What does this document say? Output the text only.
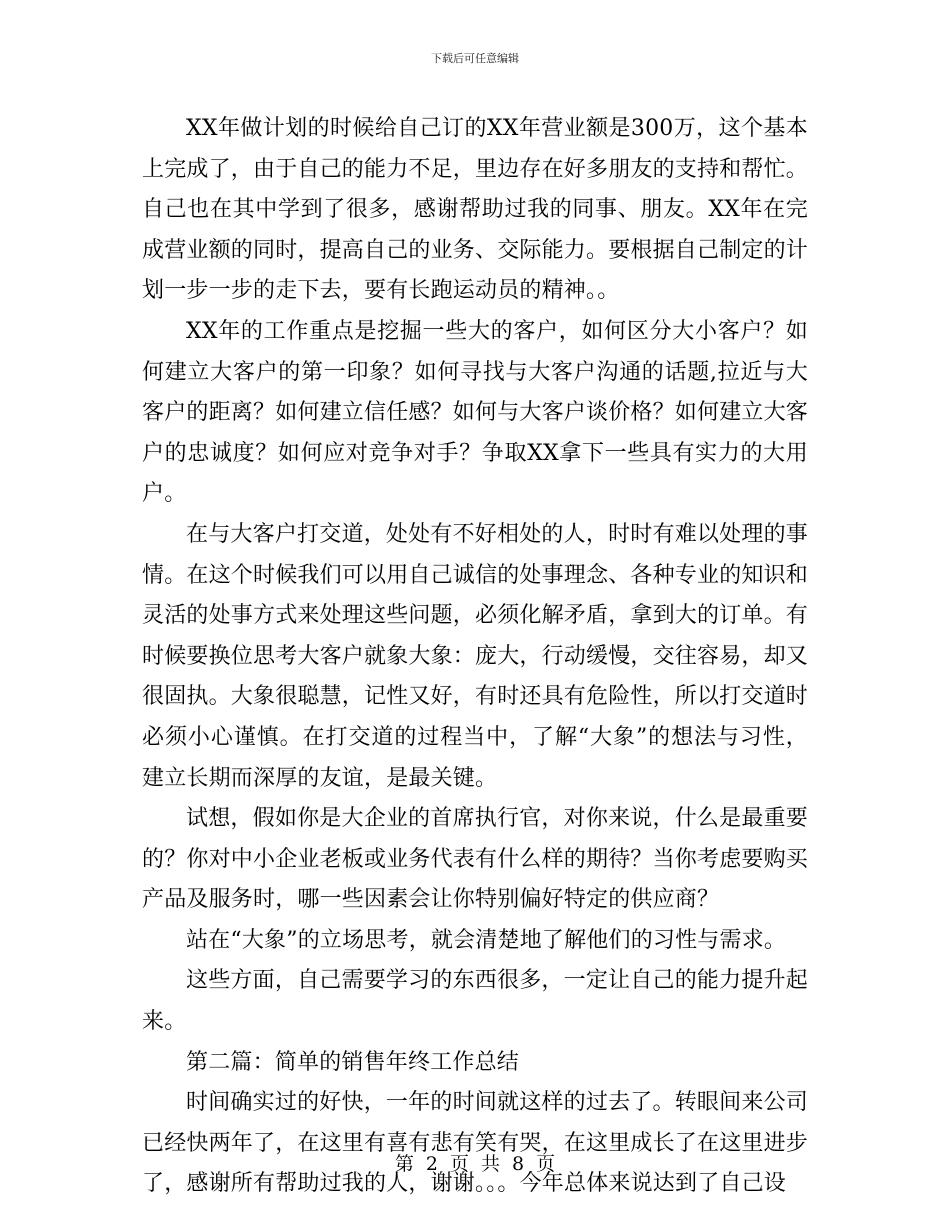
下载后可任意编辑

XX年做计划的时候给自己订的XX年营业额是300万，这个基本上完成了，由于自己的能力不足，里边存在好多朋友的支持和帮忙。自己也在其中学到了很多，感谢帮助过我的同事、朋友。XX年在完成营业额的同时，提高自己的业务、交际能力。要根据自己制定的计划一步一步的走下去，要有长跑运动员的精神。。

XX年的工作重点是挖掘一些大的客户，如何区分大小客户？如何建立大客户的第一印象？如何寻找与大客户沟通的话题,拉近与大客户的距离？如何建立信任感？如何与大客户谈价格？如何建立大客户的忠诚度？如何应对竞争对手？争取XX拿下一些具有实力的大用户。

在与大客户打交道，处处有不好相处的人，时时有难以处理的事情。在这个时候我们可以用自己诚信的处事理念、各种专业的知识和灵活的处事方式来处理这些问题，必须化解矛盾，拿到大的订单。有时候要换位思考大客户就象大象：庞大，行动缓慢，交往容易，却又很固执。大象很聪慧，记性又好，有时还具有危险性，所以打交道时必须小心谨慎。在打交道的过程当中，了解“大象”的想法与习性，建立长期而深厚的友谊，是最关键。

试想，假如你是大企业的首席执行官，对你来说，什么是最重要的？你对中小企业老板或业务代表有什么样的期待？当你考虑要购买产品及服务时，哪一些因素会让你特别偏好特定的供应商？

站在“大象”的立场思考，就会清楚地了解他们的习性与需求。

这些方面，自己需要学习的东西很多，一定让自己的能力提升起来。

第二篇：简单的销售年终工作总结

时间确实过的好快，一年的时间就这样的过去了。转眼间来公司已经快两年了，在这里有喜有悲有笑有哭，在这里成长了在这里进步了，感谢所有帮助过我的人，谢谢。。。今年总体来说达到了自己设

第 2 页 共 8 页
